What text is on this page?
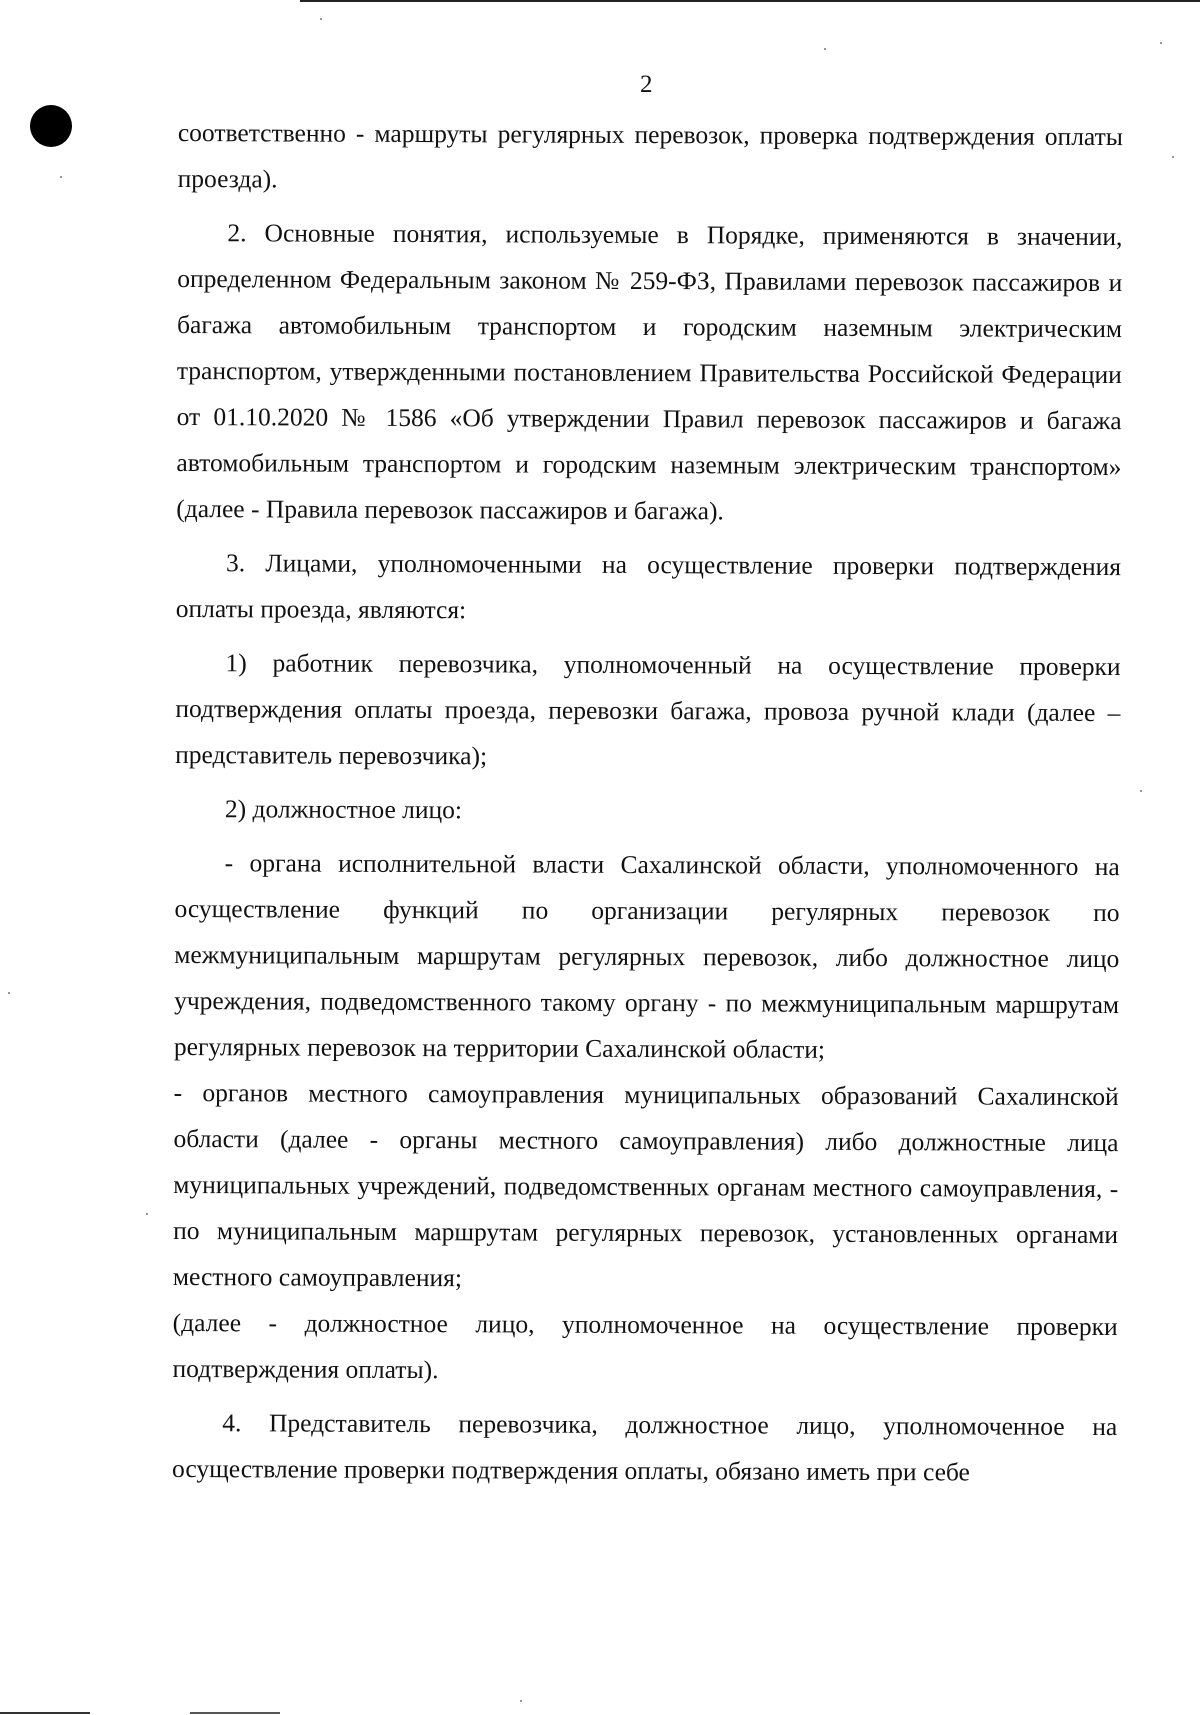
2

соответственно - маршруты регулярных перевозок, проверка подтверждения оплаты проезда).

2. Основные понятия, используемые в Порядке, применяются в значении, определенном Федеральным законом № 259-ФЗ, Правилами перевозок пассажиров и багажа автомобильным транспортом и городским наземным электрическим транспортом, утвержденными постановлением Правительства Российской Федерации от 01.10.2020 № 1586 «Об утверждении Правил перевозок пассажиров и багажа автомобильным транспортом и городским наземным электрическим транспортом» (далее - Правила перевозок пассажиров и багажа).

3. Лицами, уполномоченными на осуществление проверки подтверждения оплаты проезда, являются:

1) работник перевозчика, уполномоченный на осуществление проверки подтверждения оплаты проезда, перевозки багажа, провоза ручной клади (далее – представитель перевозчика);

2) должностное лицо:

- органа исполнительной власти Сахалинской области, уполномоченного на осуществление функций по организации регулярных перевозок по межмуниципальным маршрутам регулярных перевозок, либо должностное лицо учреждения, подведомственного такому органу - по межмуниципальным маршрутам регулярных перевозок на территории Сахалинской области;

- органов местного самоуправления муниципальных образований Сахалинской области (далее - органы местного самоуправления) либо должностные лица муниципальных учреждений, подведомственных органам местного самоуправления, - по муниципальным маршрутам регулярных перевозок, установленных органами местного самоуправления;

(далее - должностное лицо, уполномоченное на осуществление проверки подтверждения оплаты).

4. Представитель перевозчика, должностное лицо, уполномоченное на осуществление проверки подтверждения оплаты, обязано иметь при себе
